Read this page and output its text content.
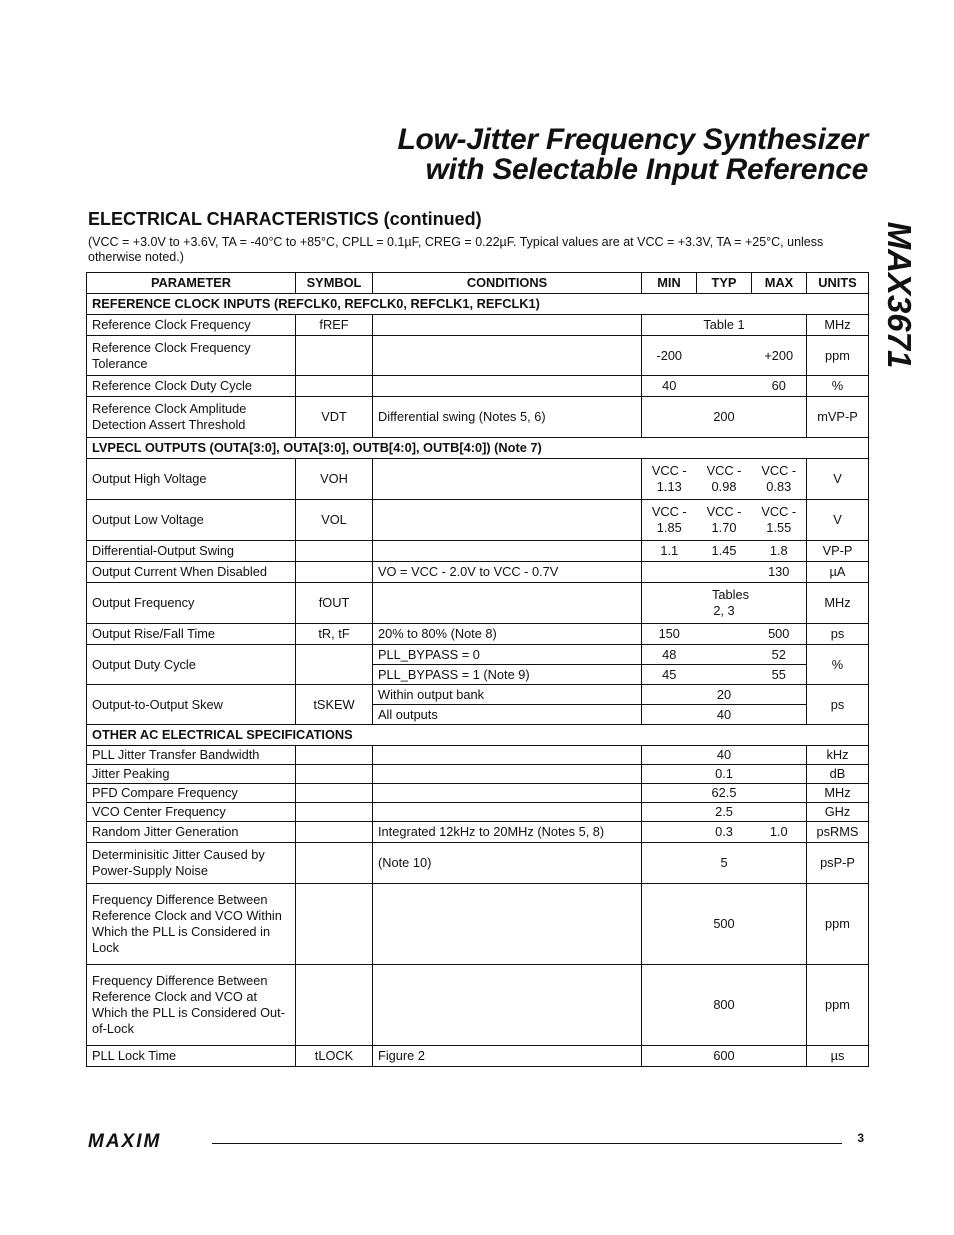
Low-Jitter Frequency Synthesizer
with Selectable Input Reference
MAX3671
ELECTRICAL CHARACTERISTICS (continued)
(VCC = +3.0V to +3.6V, TA = -40°C to +85°C, CPLL = 0.1µF, CREG = 0.22µF. Typical values are at VCC = +3.3V, TA = +25°C, unless otherwise noted.)
PARAMETER	SYMBOL	CONDITIONS	MIN	TYP	MAX	UNITS
REFERENCE CLOCK INPUTS (REFCLK0, REFCLK0, REFCLK1, REFCLK1)						
Reference Clock Frequency	fREF		Table 1			MHz
Reference Clock Frequency Tolerance			-200		+200	ppm
Reference Clock Duty Cycle			40		60	%
Reference Clock Amplitude Detection Assert Threshold	VDT	Differential swing (Notes 5, 6)		200		mVP-P
LVPECL OUTPUTS (OUTA[3:0], OUTA[3:0], OUTB[4:0], OUTB[4:0]) (Note 7)						
Output High Voltage	VOH		VCC - 1.13	VCC - 0.98	VCC - 0.83	V
Output Low Voltage	VOL		VCC - 1.85	VCC - 1.70	VCC - 1.55	V
Differential-Output Swing			1.1	1.45	1.8	VP-P
Output Current When Disabled		VO = VCC - 2.0V to VCC - 0.7V			130	µA
Output Frequency	fOUT		Tables 2, 3			MHz
Output Rise/Fall Time	tR, tF	20% to 80% (Note 8)	150		500	ps
Output Duty Cycle		PLL_BYPASS = 0	48		52	%
		PLL_BYPASS = 1 (Note 9)	45		55	
Output-to-Output Skew	tSKEW	Within output bank		20		ps
		All outputs		40		
OTHER AC ELECTRICAL SPECIFICATIONS						
PLL Jitter Transfer Bandwidth				40		kHz
Jitter Peaking				0.1		dB
PFD Compare Frequency				62.5		MHz
VCO Center Frequency				2.5		GHz
Random Jitter Generation		Integrated 12kHz to 20MHz (Notes 5, 8)		0.3	1.0	psRMS
Determinisitic Jitter Caused by Power-Supply Noise		(Note 10)		5		psP-P
Frequency Difference Between Reference Clock and VCO Within Which the PLL is Considered in Lock				500		ppm
Frequency Difference Between Reference Clock and VCO at Which the PLL is Considered Out-of-Lock				800		ppm
PLL Lock Time	tLOCK	Figure 2		600		µs
MAXIM	3
